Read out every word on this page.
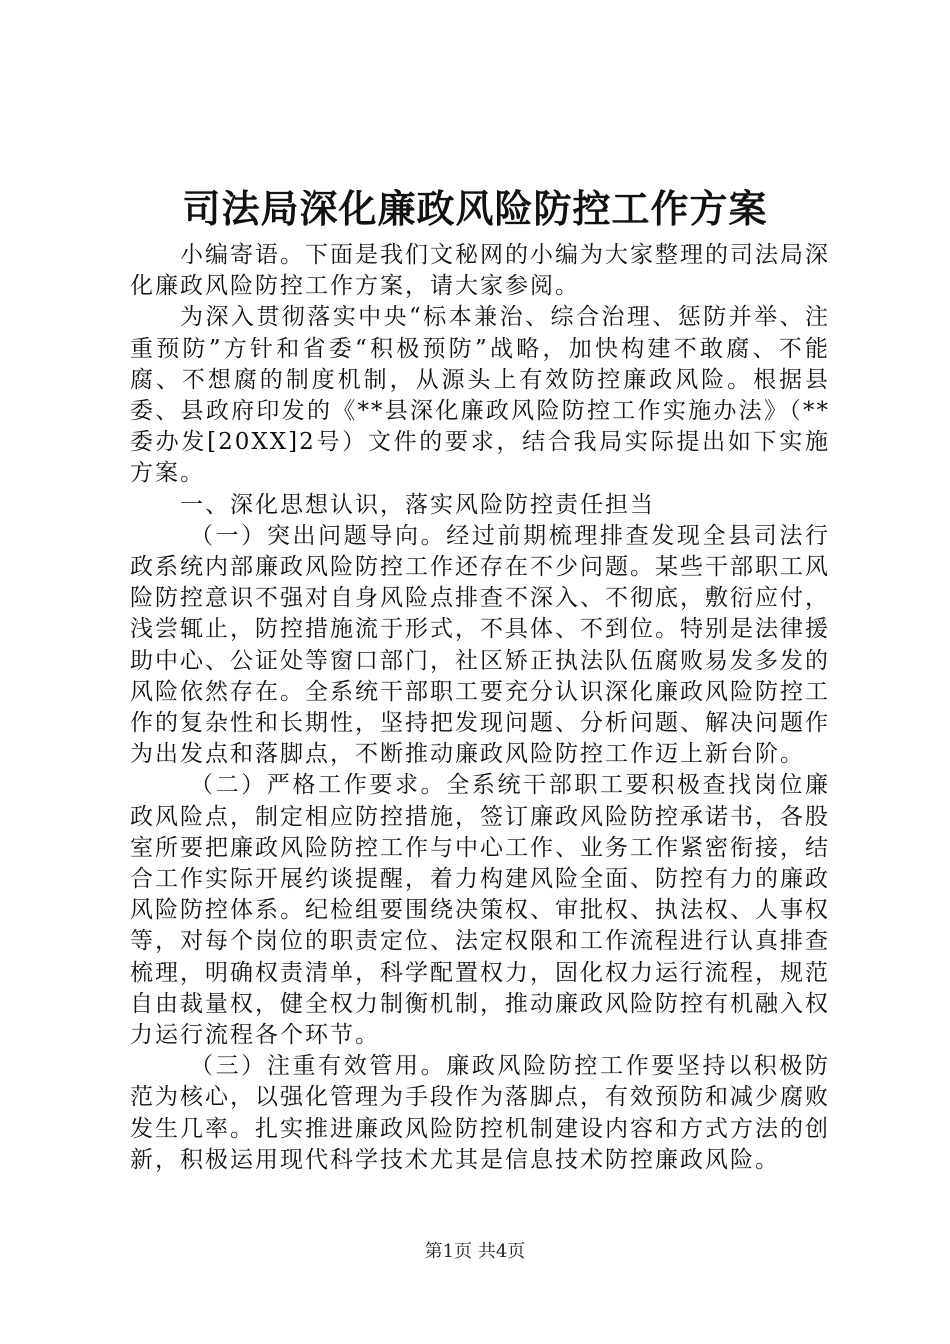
司法局深化廉政风险防控工作方案

小编寄语。下面是我们文秘网的小编为大家整理的司法局深化廉政风险防控工作方案，请大家参阅。

为深入贯彻落实中央“标本兼治、综合治理、惩防并举、注重预防”方针和省委“积极预防”战略，加快构建不敢腐、不能腐、不想腐的制度机制，从源头上有效防控廉政风险。根据县委、县政府印发的《**县深化廉政风险防控工作实施办法》（**委办发[20XX]2号）文件的要求，结合我局实际提出如下实施方案。

一、深化思想认识，落实风险防控责任担当

（一）突出问题导向。经过前期梳理排查发现全县司法行政系统内部廉政风险防控工作还存在不少问题。某些干部职工风险防控意识不强对自身风险点排查不深入、不彻底，敷衍应付，浅尝辄止，防控措施流于形式，不具体、不到位。特别是法律援助中心、公证处等窗口部门，社区矫正执法队伍腐败易发多发的风险依然存在。全系统干部职工要充分认识深化廉政风险防控工作的复杂性和长期性，坚持把发现问题、分析问题、解决问题作为出发点和落脚点，不断推动廉政风险防控工作迈上新台阶。

（二）严格工作要求。全系统干部职工要积极查找岗位廉政风险点，制定相应防控措施，签订廉政风险防控承诺书，各股室所要把廉政风险防控工作与中心工作、业务工作紧密衔接，结合工作实际开展约谈提醒，着力构建风险全面、防控有力的廉政风险防控体系。纪检组要围绕决策权、审批权、执法权、人事权等，对每个岗位的职责定位、法定权限和工作流程进行认真排查梳理，明确权责清单，科学配置权力，固化权力运行流程，规范自由裁量权，健全权力制衡机制，推动廉政风险防控有机融入权力运行流程各个环节。

（三）注重有效管用。廉政风险防控工作要坚持以积极防范为核心，以强化管理为手段作为落脚点，有效预防和减少腐败发生几率。扎实推进廉政风险防控机制建设内容和方式方法的创新，积极运用现代科学技术尤其是信息技术防控廉政风险。

第1页 共4页
